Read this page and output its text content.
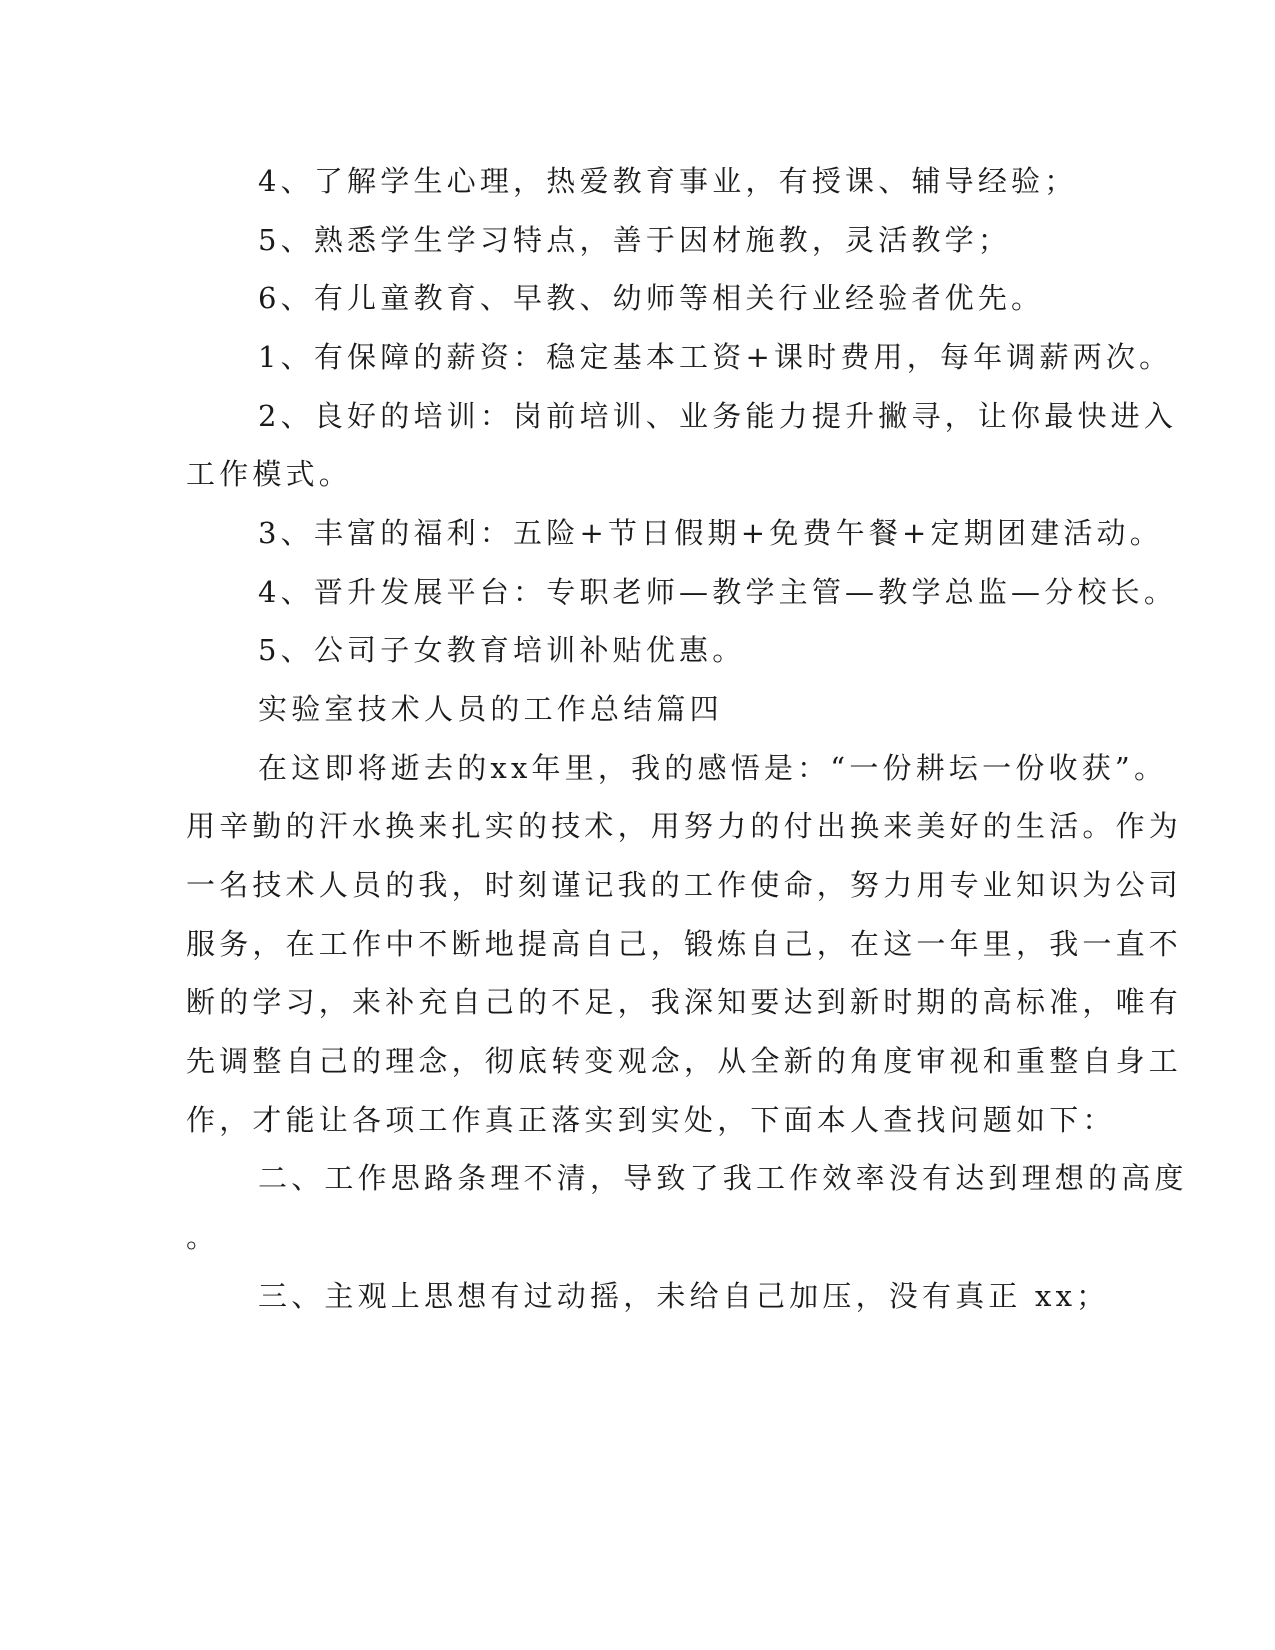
4、了解学生心理，热爱教育事业，有授课、辅导经验；
5、熟悉学生学习特点，善于因材施教，灵活教学；
6、有儿童教育、早教、幼师等相关行业经验者优先。
1、有保障的薪资：稳定基本工资+课时费用，每年调薪两次。
2、良好的培训：岗前培训、业务能力提升撇寻，让你最快进入
工作模式。
3、丰富的福利：五险+节日假期+免费午餐+定期团建活动。
4、晋升发展平台：专职老师—教学主管—教学总监—分校长。
5、公司子女教育培训补贴优惠。
实验室技术人员的工作总结篇四
在这即将逝去的xx年里，我的感悟是：“一份耕坛一份收获”。
用辛勤的汗水换来扎实的技术，用努力的付出换来美好的生活。作为
一名技术人员的我，时刻谨记我的工作使命，努力用专业知识为公司
服务，在工作中不断地提高自己，锻炼自己，在这一年里，我一直不
断的学习，来补充自己的不足，我深知要达到新时期的高标准，唯有
先调整自己的理念，彻底转变观念，从全新的角度审视和重整自身工
作，才能让各项工作真正落实到实处，下面本人查找问题如下：
二、工作思路条理不清，导致了我工作效率没有达到理想的高度
。
三、主观上思想有过动摇，未给自己加压，没有真正 xx；
